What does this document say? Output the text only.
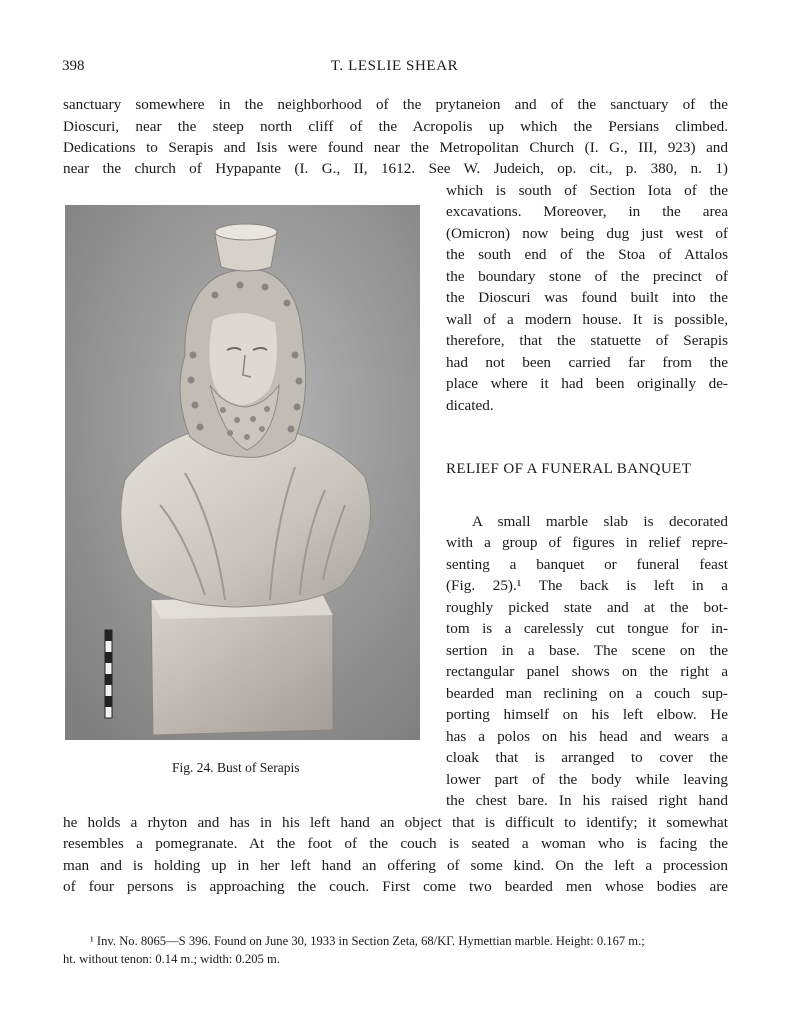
398	T. LESLIE SHEAR
sanctuary somewhere in the neighborhood of the prytaneion and of the sanctuary of the
Dioscuri, near the steep north cliff of the Acropolis up which the Persians climbed.
Dedications to Serapis and Isis were found near the Metropolitan Church (I. G., III, 923) and
near the church of Hypapante (I. G., II, 1612. See W. Judeich, op. cit., p. 380, n. 1)
which is south of Section Iota of the
excavations. Moreover, in the area
(Omicron) now being dug just west of
the south end of the Stoa of Attalos
the boundary stone of the precinct of
the Dioscuri was found built into the
wall of a modern house. It is possible,
therefore, that the statuette of Serapis
had not been carried far from the
place where it had been originally de-
dicated.
RELIEF OF A FUNERAL BANQUET
A small marble slab is decorated
with a group of figures in relief repre-
senting a banquet or funeral feast
(Fig. 25).¹ The back is left in a
roughly picked state and at the bot-
tom is a carelessly cut tongue for in-
sertion in a base. The scene on the
rectangular panel shows on the right a
bearded man reclining on a couch sup-
porting himself on his left elbow. He
has a polos on his head and wears a
cloak that is arranged to cover the
lower part of the body while leaving
the chest bare. In his raised right hand
he holds a rhyton and has in his left hand an object that is difficult to identify; it somewhat
resembles a pomegranate. At the foot of the couch is seated a woman who is facing the
man and is holding up in her left hand an offering of some kind. On the left a procession
of four persons is approaching the couch. First come two bearded men whose bodies are
Fig. 24. Bust of Serapis
¹ Inv. No. 8065—S 396. Found on June 30, 1933 in Section Zeta, 68/ΚΓ. Hymettian marble. Height: 0.167 m.;
ht. without tenon: 0.14 m.; width: 0.205 m.
